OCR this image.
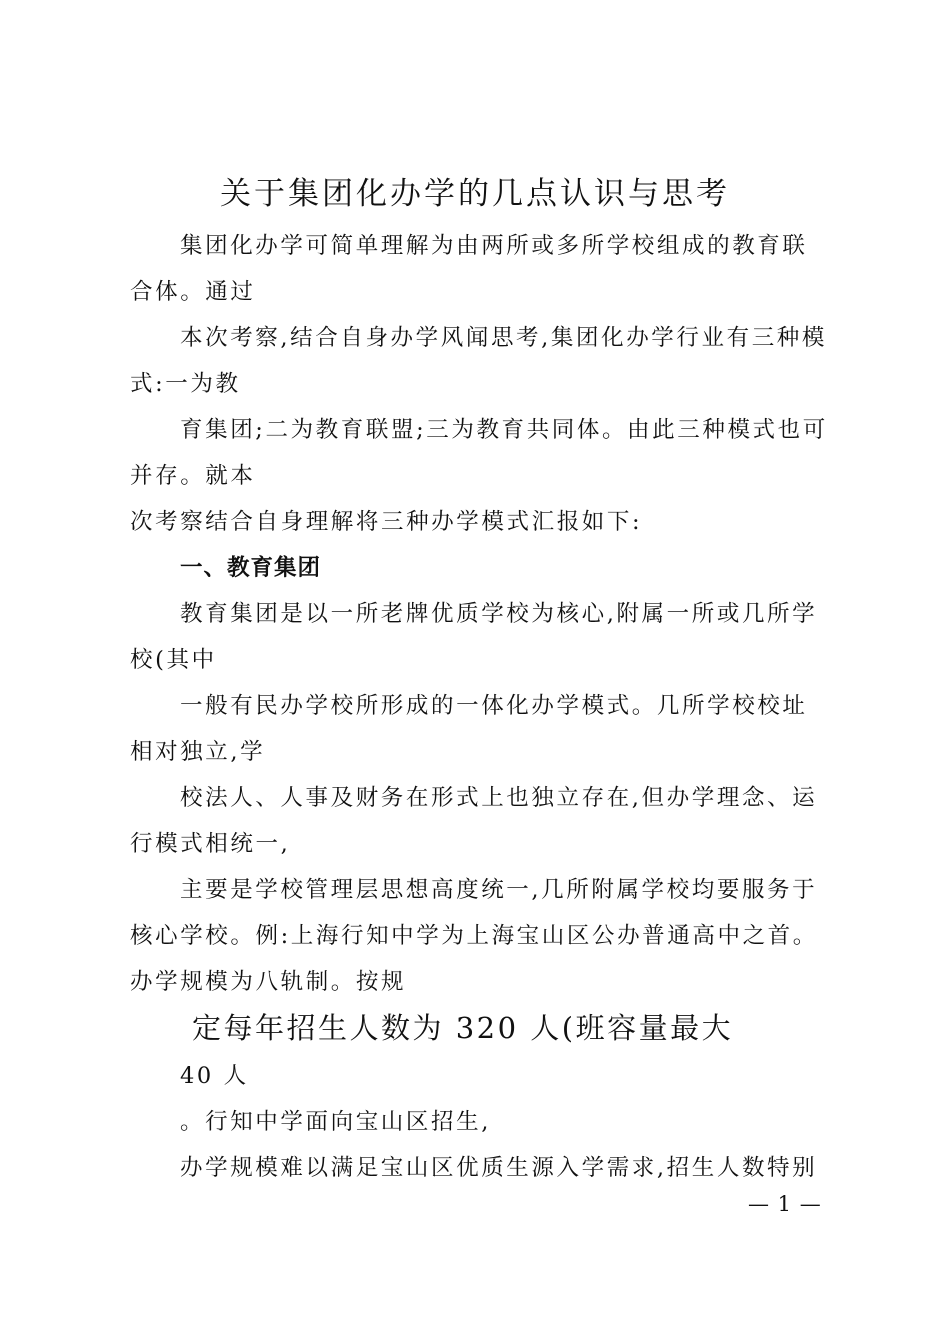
关于集团化办学的几点认识与思考
集团化办学可简单理解为由两所或多所学校组成的教育联
合体。通过
本次考察,结合自身办学风闻思考,集团化办学行业有三种模
式:一为教
育集团;二为教育联盟;三为教育共同体。由此三种模式也可
并存。就本
次考察结合自身理解将三种办学模式汇报如下:
一、教育集团
教育集团是以一所老牌优质学校为核心,附属一所或几所学
校(其中
一般有民办学校所形成的一体化办学模式。几所学校校址
相对独立,学
校法人、人事及财务在形式上也独立存在,但办学理念、运
行模式相统一,
主要是学校管理层思想高度统一,几所附属学校均要服务于
核心学校。例:上海行知中学为上海宝山区公办普通高中之首。
办学规模为八轨制。按规
定每年招生人数为 320 人(班容量最大
40 人
。行知中学面向宝山区招生,
办学规模难以满足宝山区优质生源入学需求,招生人数特别
— 1 —
